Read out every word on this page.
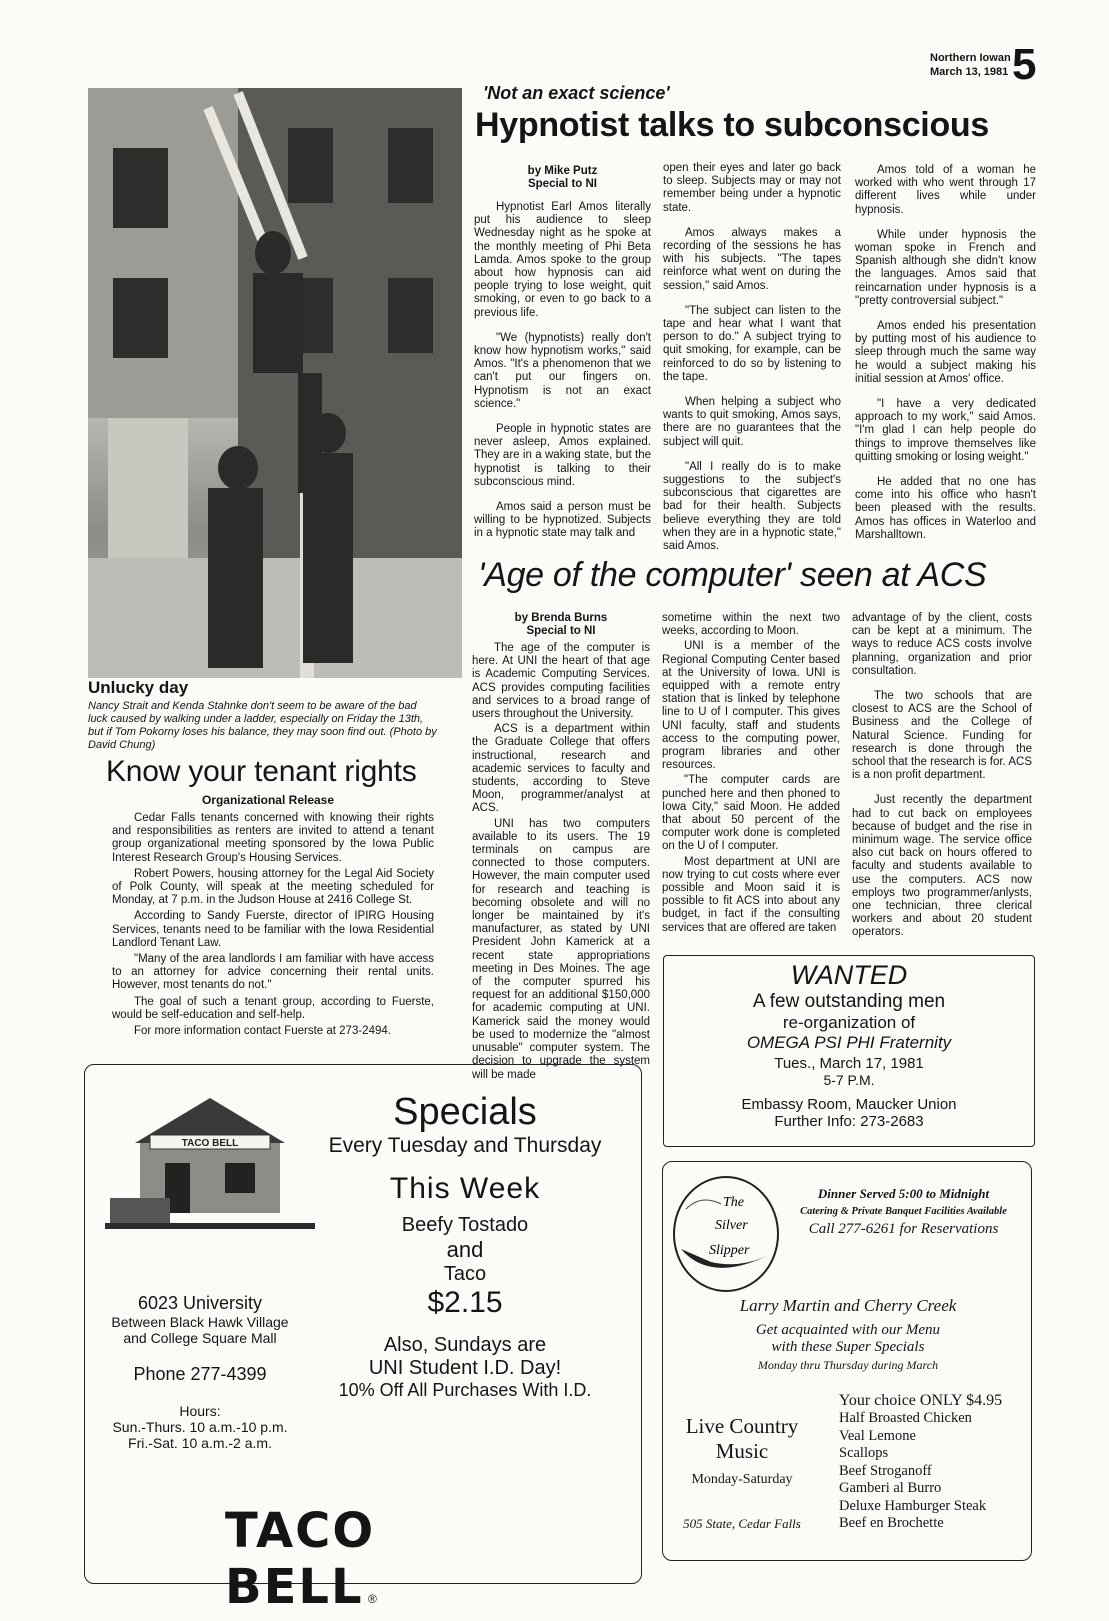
Northern Iowan
March 13, 1981 5
Unlucky day
Nancy Strait and Kenda Stahnke don't seem to be aware of the bad luck caused by walking under a ladder, especially on Friday the 13th, but if Tom Pokorny loses his balance, they may soon find out. (Photo by David Chung)
'Not an exact science'
Hypnotist talks to subconscious
by Mike Putz
Special to NI

Hypnotist Earl Amos literally put his audience to sleep Wednesday night as he spoke at the monthly meeting of Phi Beta Lamda. Amos spoke to the group about how hypnosis can aid people trying to lose weight, quit smoking, or even to go back to a previous life.

"We (hypnotists) really don't know how hypnotism works," said Amos. "It's a phenomenon that we can't put our fingers on. Hypnotism is not an exact science."

People in hypnotic states are never asleep, Amos explained. They are in a waking state, but the hypnotist is talking to their subconscious mind.

Amos said a person must be willing to be hypnotized. Subjects in a hypnotic state may talk and

open their eyes and later go back to sleep. Subjects may or may not remember being under a hypnotic state.

Amos always makes a recording of the sessions he has with his subjects. "The tapes reinforce what went on during the session," said Amos.

"The subject can listen to the tape and hear what I want that person to do." A subject trying to quit smoking, for example, can be reinforced to do so by listening to the tape.

When helping a subject who wants to quit smoking, Amos says, there are no guarantees that the subject will quit.

"All I really do is to make suggestions to the subject's subconscious that cigarettes are bad for their health. Subjects believe everything they are told when they are in a hypnotic state," said Amos.

Amos told of a woman he worked with who went through 17 different lives while under hypnosis.

While under hypnosis the woman spoke in French and Spanish although she didn't know the languages. Amos said that reincarnation under hypnosis is a "pretty controversial subject."

Amos ended his presentation by putting most of his audience to sleep through much the same way he would a subject making his initial session at Amos' office.

"I have a very dedicated approach to my work," said Amos. "I'm glad I can help people do things to improve themselves like quitting smoking or losing weight."

He added that no one has come into his office who hasn't been pleased with the results. Amos has offices in Waterloo and Marshalltown.

'Age of the computer' seen at ACS
by Brenda Burns
Special to NI

The age of the computer is here. At UNI the heart of that age is Academic Computing Services. ACS provides computing facilities and services to a broad range of users throughout the University.

ACS is a department within the Graduate College that offers instructional, research and academic services to faculty and students, according to Steve Moon, programmer/analyst at ACS.

UNI has two computers available to its users. The 19 terminals on campus are connected to those computers. However, the main computer used for research and teaching is becoming obsolete and will no longer be maintained by it's manufacturer, as stated by UNI President John Kamerick at a recent state appropriations meeting in Des Moines. The age of the computer spurred his request for an additional $150,000 for academic computing at UNI. Kamerick said the money would be used to modernize the "almost unusable" computer system. The decision to upgrade the system will be made

sometime within the next two weeks, according to Moon.

UNI is a member of the Regional Computing Center based at the University of Iowa. UNI is equipped with a remote entry station that is linked by telephone line to U of I computer. This gives UNI faculty, staff and students access to the computing power, program libraries and other resources.

"The computer cards are punched here and then phoned to Iowa City," said Moon. He added that about 50 percent of the computer work done is completed on the U of I computer.

Most department at UNI are now trying to cut costs where ever possible and Moon said it is possible to fit ACS into about any budget, in fact if the consulting services that are offered are taken

advantage of by the client, costs can be kept at a minimum. The ways to reduce ACS costs involve planning, organization and prior consultation.

The two schools that are closest to ACS are the School of Business and the College of Natural Science. Funding for research is done through the school that the research is for. ACS is a non profit department.

Just recently the department had to cut back on employees because of budget and the rise in minimum wage. The service office also cut back on hours offered to faculty and students available to use the computers. ACS now employs two programmer/anlysts, one technician, three clerical workers and about 20 student operators.

Know your tenant rights
Organizational Release

Cedar Falls tenants concerned with knowing their rights and responsibilities as renters are invited to attend a tenant group organizational meeting sponsored by the Iowa Public Interest Research Group's Housing Services.

Robert Powers, housing attorney for the Legal Aid Society of Polk County, will speak at the meeting scheduled for Monday, at 7 p.m. in the Judson House at 2416 College St.

According to Sandy Fuerste, director of IPIRG Housing Services, tenants need to be familiar with the Iowa Residential Landlord Tenant Law.

"Many of the area landlords I am familiar with have access to an attorney for advice concerning their rental units. However, most tenants do not."

The goal of such a tenant group, according to Fuerste, would be self-education and self-help.

For more information contact Fuerste at 273-2494.

WANTED
A few outstanding men
re-organization of
OMEGA PSI PHI Fraternity
Tues., March 17, 1981
5-7 P.M.
Embassy Room, Maucker Union
Further Info: 273-2683
TACO BELL
6023 University
Between Black Hawk Village
and College Square Mall
Phone 277-4399
Hours:
Sun.-Thurs. 10 a.m.-10 p.m.
Fri.-Sat. 10 a.m.-2 a.m.
Specials
Every Tuesday and Thursday
This Week
Beefy Tostado
and
Taco
$2.15
Also, Sundays are
UNI Student I.D. Day!
10% Off All Purchases With I.D.
TACO BELL ®
The
Silver
Slipper
Dinner Served 5:00 to Midnight
Catering & Private Banquet Facilities Available
Call 277-6261 for Reservations
Larry Martin and Cherry Creek
Get acquainted with our Menu
with these Super Specials
Monday thru Thursday during March
Live Country
Music
Monday-Saturday
505 State, Cedar Falls
Your choice ONLY $4.95
Half Broasted Chicken
Veal Lemone
Scallops
Beef Stroganoff
Gamberi al Burro
Deluxe Hamburger Steak
Beef en Brochette
